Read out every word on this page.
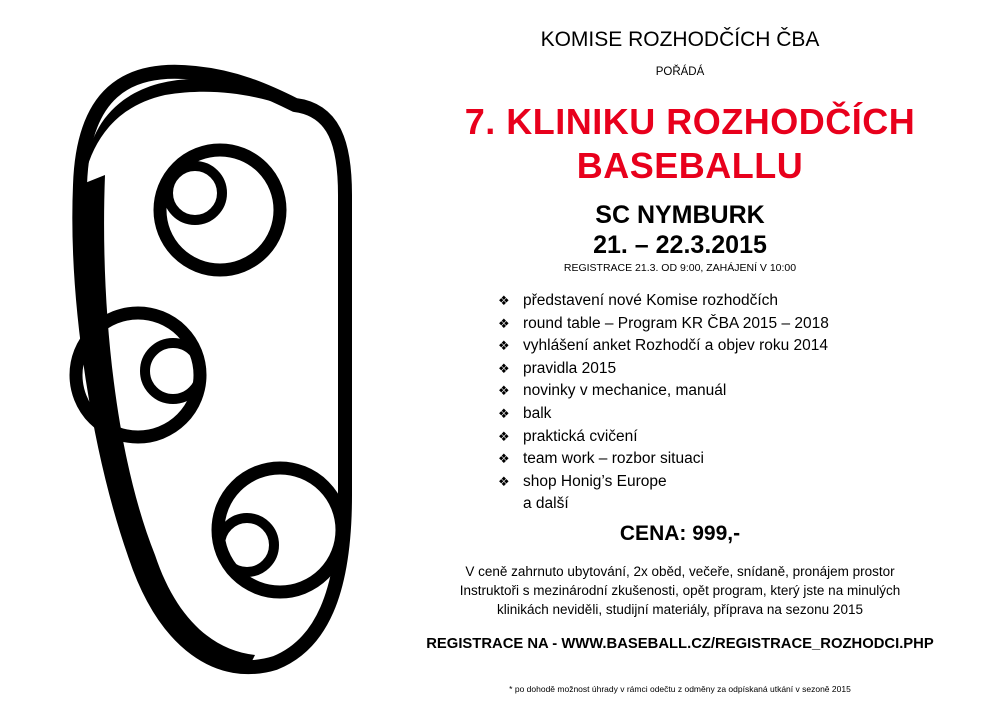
KOMISE ROZHODČÍCH ČBA
POŘÁDÁ
7. KLINIKU ROZHODČÍCH
BASEBALLU
SC NYMBURK
21. – 22.3.2015
REGISTRACE 21.3. OD 9:00, ZAHÁJENÍ V 10:00
❖ představení nové Komise rozhodčích
❖ round table – Program KR ČBA 2015 – 2018
❖ vyhlášení anket Rozhodčí a objev roku 2014
❖ pravidla 2015
❖ novinky v mechanice, manuál
❖ balk
❖ praktická cvičení
❖ team work – rozbor situaci
❖ shop Honig’s Europe
a další
CENA: 999,-
V ceně zahrnuto ubytování, 2x oběd, večeře, snídaně, pronájem prostor
Instruktoři s mezinárodní zkušenosti, opět program, který jste na minulých
klinikách neviděli, studijní materiály, příprava na sezonu 2015
REGISTRACE NA - WWW.BASEBALL.CZ/REGISTRACE_ROZHODCI.PHP
* po dohodě možnost úhrady v rámci odečtu z odměny za odpískaná utkání v sezoně 2015
